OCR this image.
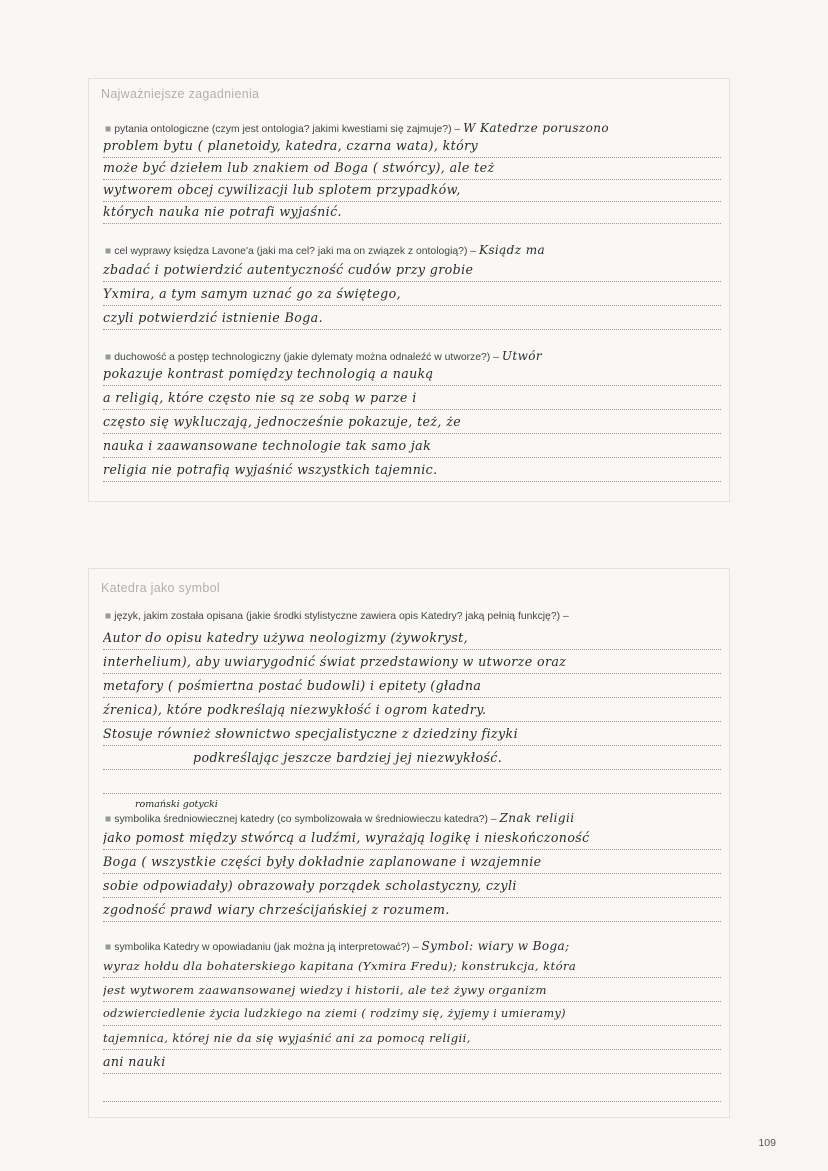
Najważniejsze zagadnienia
■ pytania ontologiczne (czym jest ontologia? jakimi kwestiami się zajmuje?) – W Katedrze poruszono
problem bytu ( planetoidy, katedra, czarna wata), który
może być dziełem lub znakiem od Boga ( stwórcy), ale też
wytworem obcej cywilizacji lub splotem przypadków,
których nauka nie potrafi wyjaśnić.
■ cel wyprawy księdza Lavone'a (jaki ma cel? jaki ma on związek z ontologią?) – Ksiądz ma
zbadać i potwierdzić autentyczność cudów przy grobie
Yxmira, a tym samym uznać go za świętego,
czyli potwierdzić istnienie Boga.
■ duchowość a postęp technologiczny (jakie dylematy można odnaleźć w utworze?) – Utwór
pokazuje kontrast pomiędzy technologią a nauką
a religią, które często nie są ze sobą w parze i
często się wykluczają, jednocześnie pokazuje, też, że
nauka i zaawansowane technologie tak samo jak
religia nie potrafią wyjaśnić wszystkich tajemnic.
Katedra jako symbol
■ język, jakim została opisana (jakie środki stylistyczne zawiera opis Katedry? jaką pełnią funkcję?) –
Autor do opisu katedry używa neologizmy (żywokryst,
interhelium), aby uwiarygodnić świat przedstawiony w utworze oraz
metafory ( pośmiertna postać budowli) i epitety (gładna
źrenica), które podkreślają niezwykłość i ogrom katedry.
Stosuje również słownictwo specjalistyczne z dziedziny fizyki
podkreślając jeszcze bardziej jej niezwykłość.
romański gotycki
■ symbolika średniowiecznej katedry (co symbolizowała w średniowieczu katedra?) – Znak religii
jako pomost między stwórcą a ludźmi, wyrażają logikę i nieskończoność
Boga ( wszystkie części były dokładnie zaplanowane i wzajemnie
sobie odpowiadały) obrazowały porządek scholastyczny, czyli
zgodność prawd wiary chrześcijańskiej z rozumem.
■ symbolika Katedry w opowiadaniu (jak można ją interpretować?) – Symbol: wiary w Boga;
wyraz hołdu dla bohaterskiego kapitana (Yxmira Fredu); konstrukcja, która
jest wytworem zaawansowanej wiedzy i historii, ale też żywy organizm
odzwierciedlenie życia ludzkiego na ziemi ( rodzimy się, żyjemy i umieramy)
tajemnica, której nie da się wyjaśnić ani za pomocą religii,
ani nauki
109
